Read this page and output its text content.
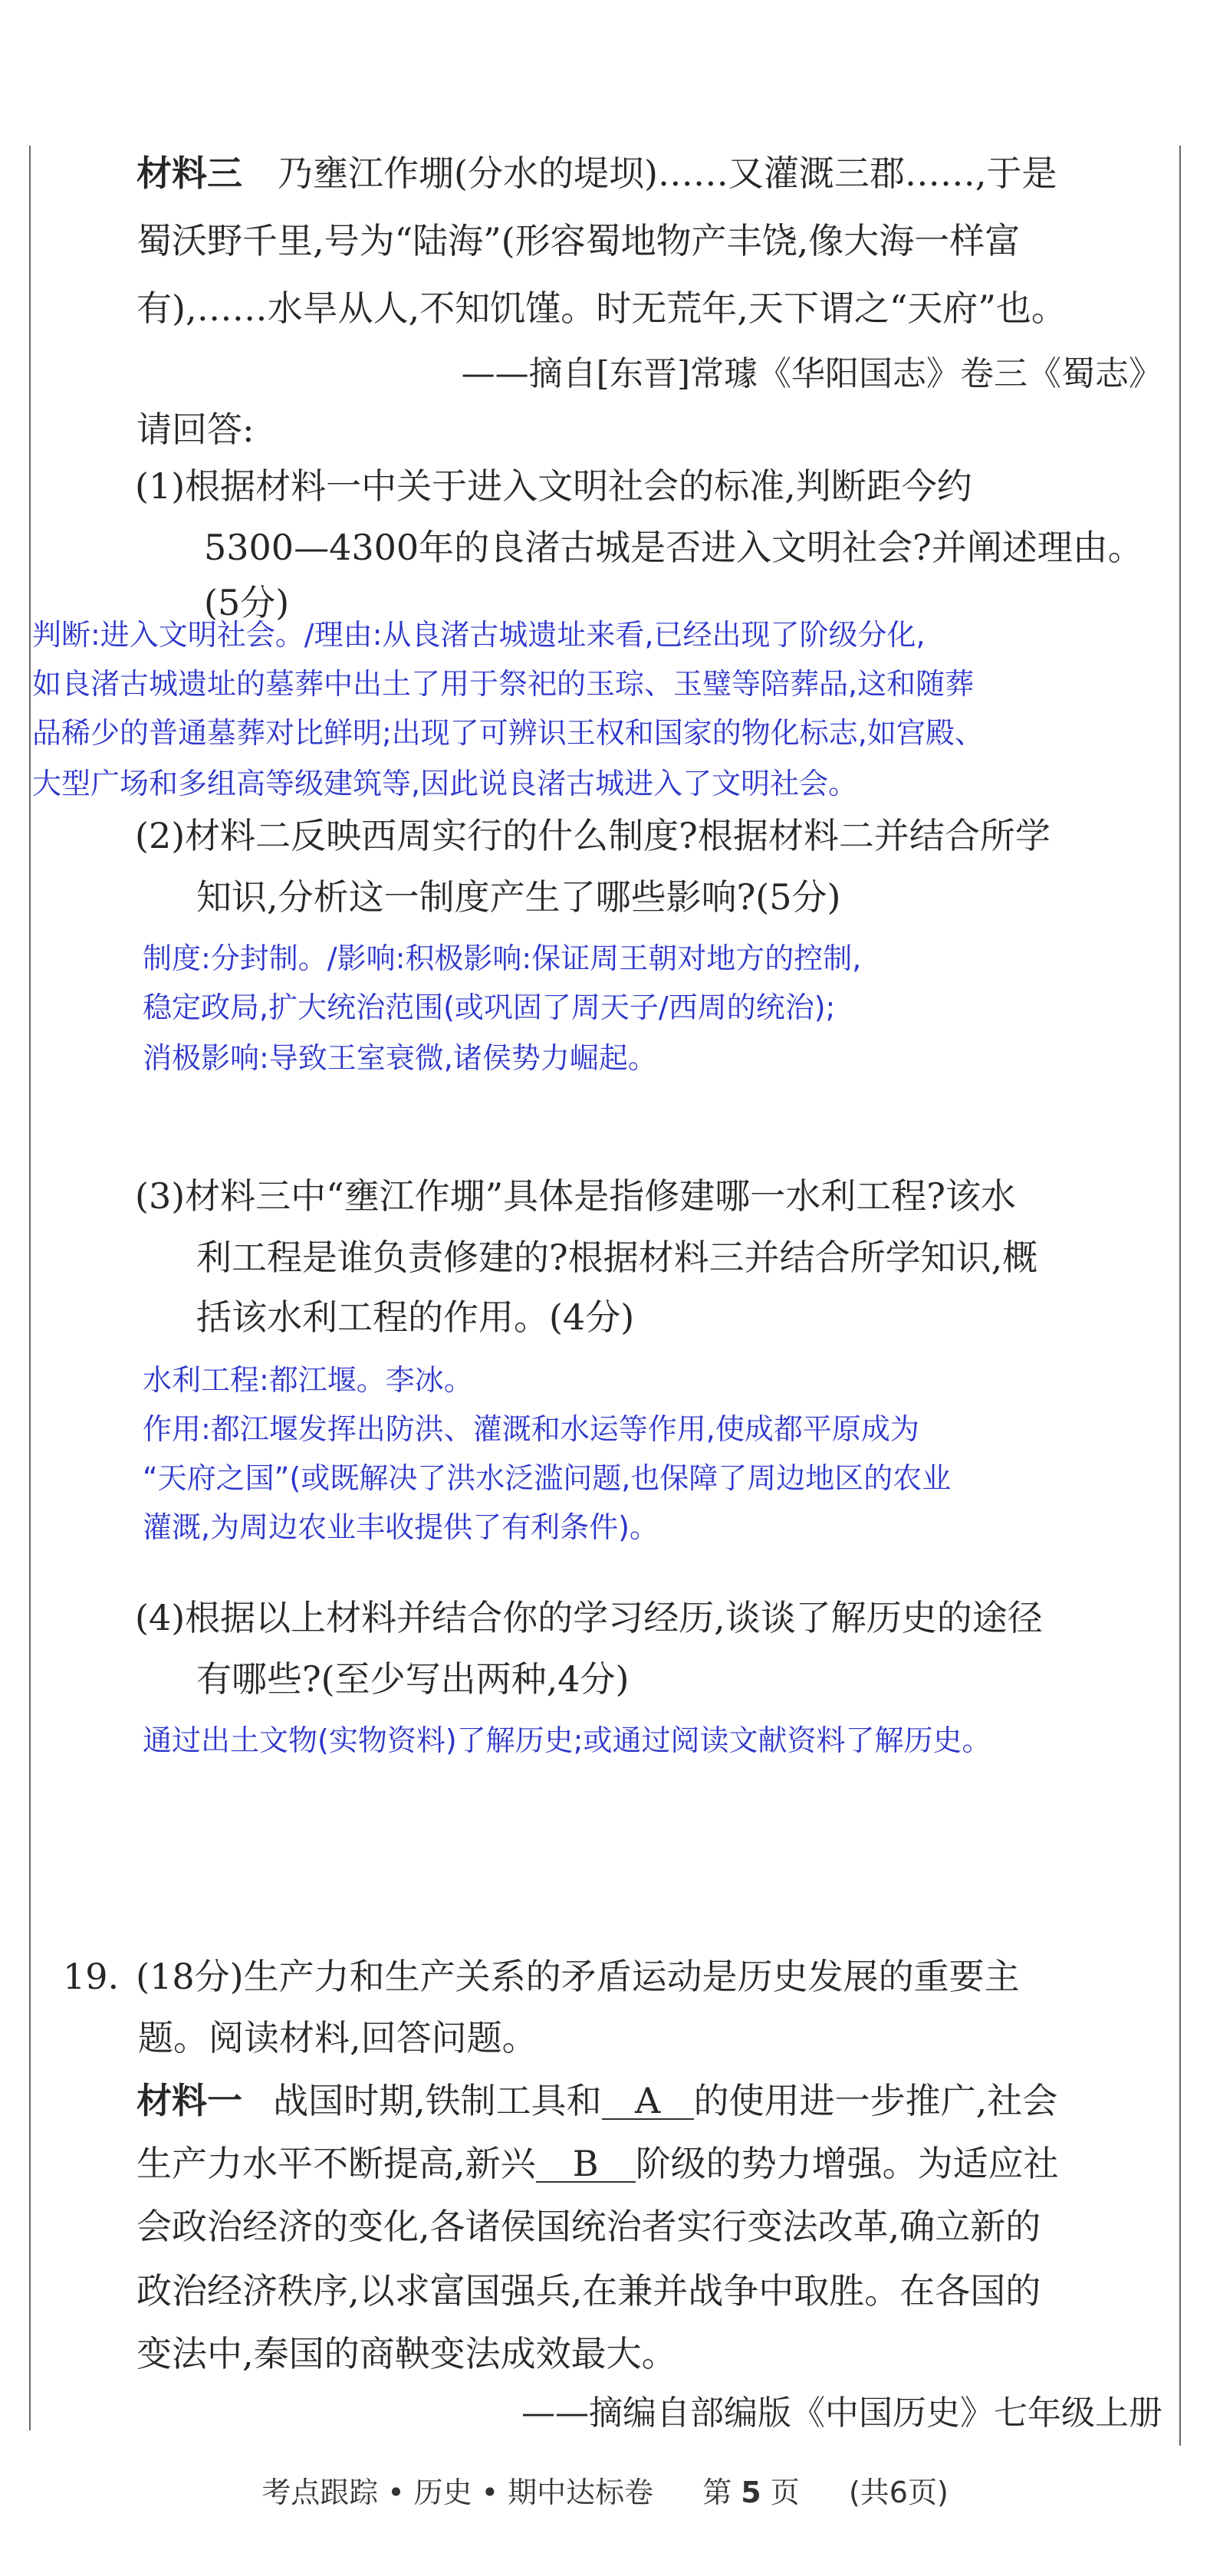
材料三 乃壅江作堋(分水的堤坝)……又灌溉三郡……,于是
蜀沃野千里,号为“陆海”(形容蜀地物产丰饶,像大海一样富
有),……水旱从人,不知饥馑。时无荒年,天下谓之“天府”也。
——摘自[东晋]常璩《华阳国志》卷三《蜀志》
请回答:
(1)根据材料一中关于进入文明社会的标准,判断距今约
5300—4300年的良渚古城是否进入文明社会?并阐述理由。
(5分)
判断:进入文明社会。/理由:从良渚古城遗址来看,已经出现了阶级分化,
如良渚古城遗址的墓葬中出土了用于祭祀的玉琮、玉璧等陪葬品,这和随葬
品稀少的普通墓葬对比鲜明;出现了可辨识王权和国家的物化标志,如宫殿、
大型广场和多组高等级建筑等,因此说良渚古城进入了文明社会。
(2)材料二反映西周实行的什么制度?根据材料二并结合所学
知识,分析这一制度产生了哪些影响?(5分)
制度:分封制。/影响:积极影响:保证周王朝对地方的控制,
稳定政局,扩大统治范围(或巩固了周天子/西周的统治);
消极影响:导致王室衰微,诸侯势力崛起。
(3)材料三中“壅江作堋”具体是指修建哪一水利工程?该水
利工程是谁负责修建的?根据材料三并结合所学知识,概
括该水利工程的作用。(4分)
水利工程:都江堰。李冰。
作用:都江堰发挥出防洪、灌溉和水运等作用,使成都平原成为
“天府之国”(或既解决了洪水泛滥问题,也保障了周边地区的农业
灌溉,为周边农业丰收提供了有利条件)。
(4)根据以上材料并结合你的学习经历,谈谈了解历史的途径
有哪些?(至少写出两种,4分)
通过出土文物(实物资料)了解历史;或通过阅读文献资料了解历史。
19. (18分)生产力和生产关系的矛盾运动是历史发展的重要主
题。阅读材料,回答问题。
材料一 战国时期,铁制工具和 A 的使用进一步推广,社会
生产力水平不断提高,新兴 B 阶级的势力增强。为适应社
会政治经济的变化,各诸侯国统治者实行变法改革,确立新的
政治经济秩序,以求富国强兵,在兼并战争中取胜。在各国的
变法中,秦国的商鞅变法成效最大。
——摘编自部编版《中国历史》七年级上册
考点跟踪 • 历史 • 期中达标卷 第 5 页 (共6页)
